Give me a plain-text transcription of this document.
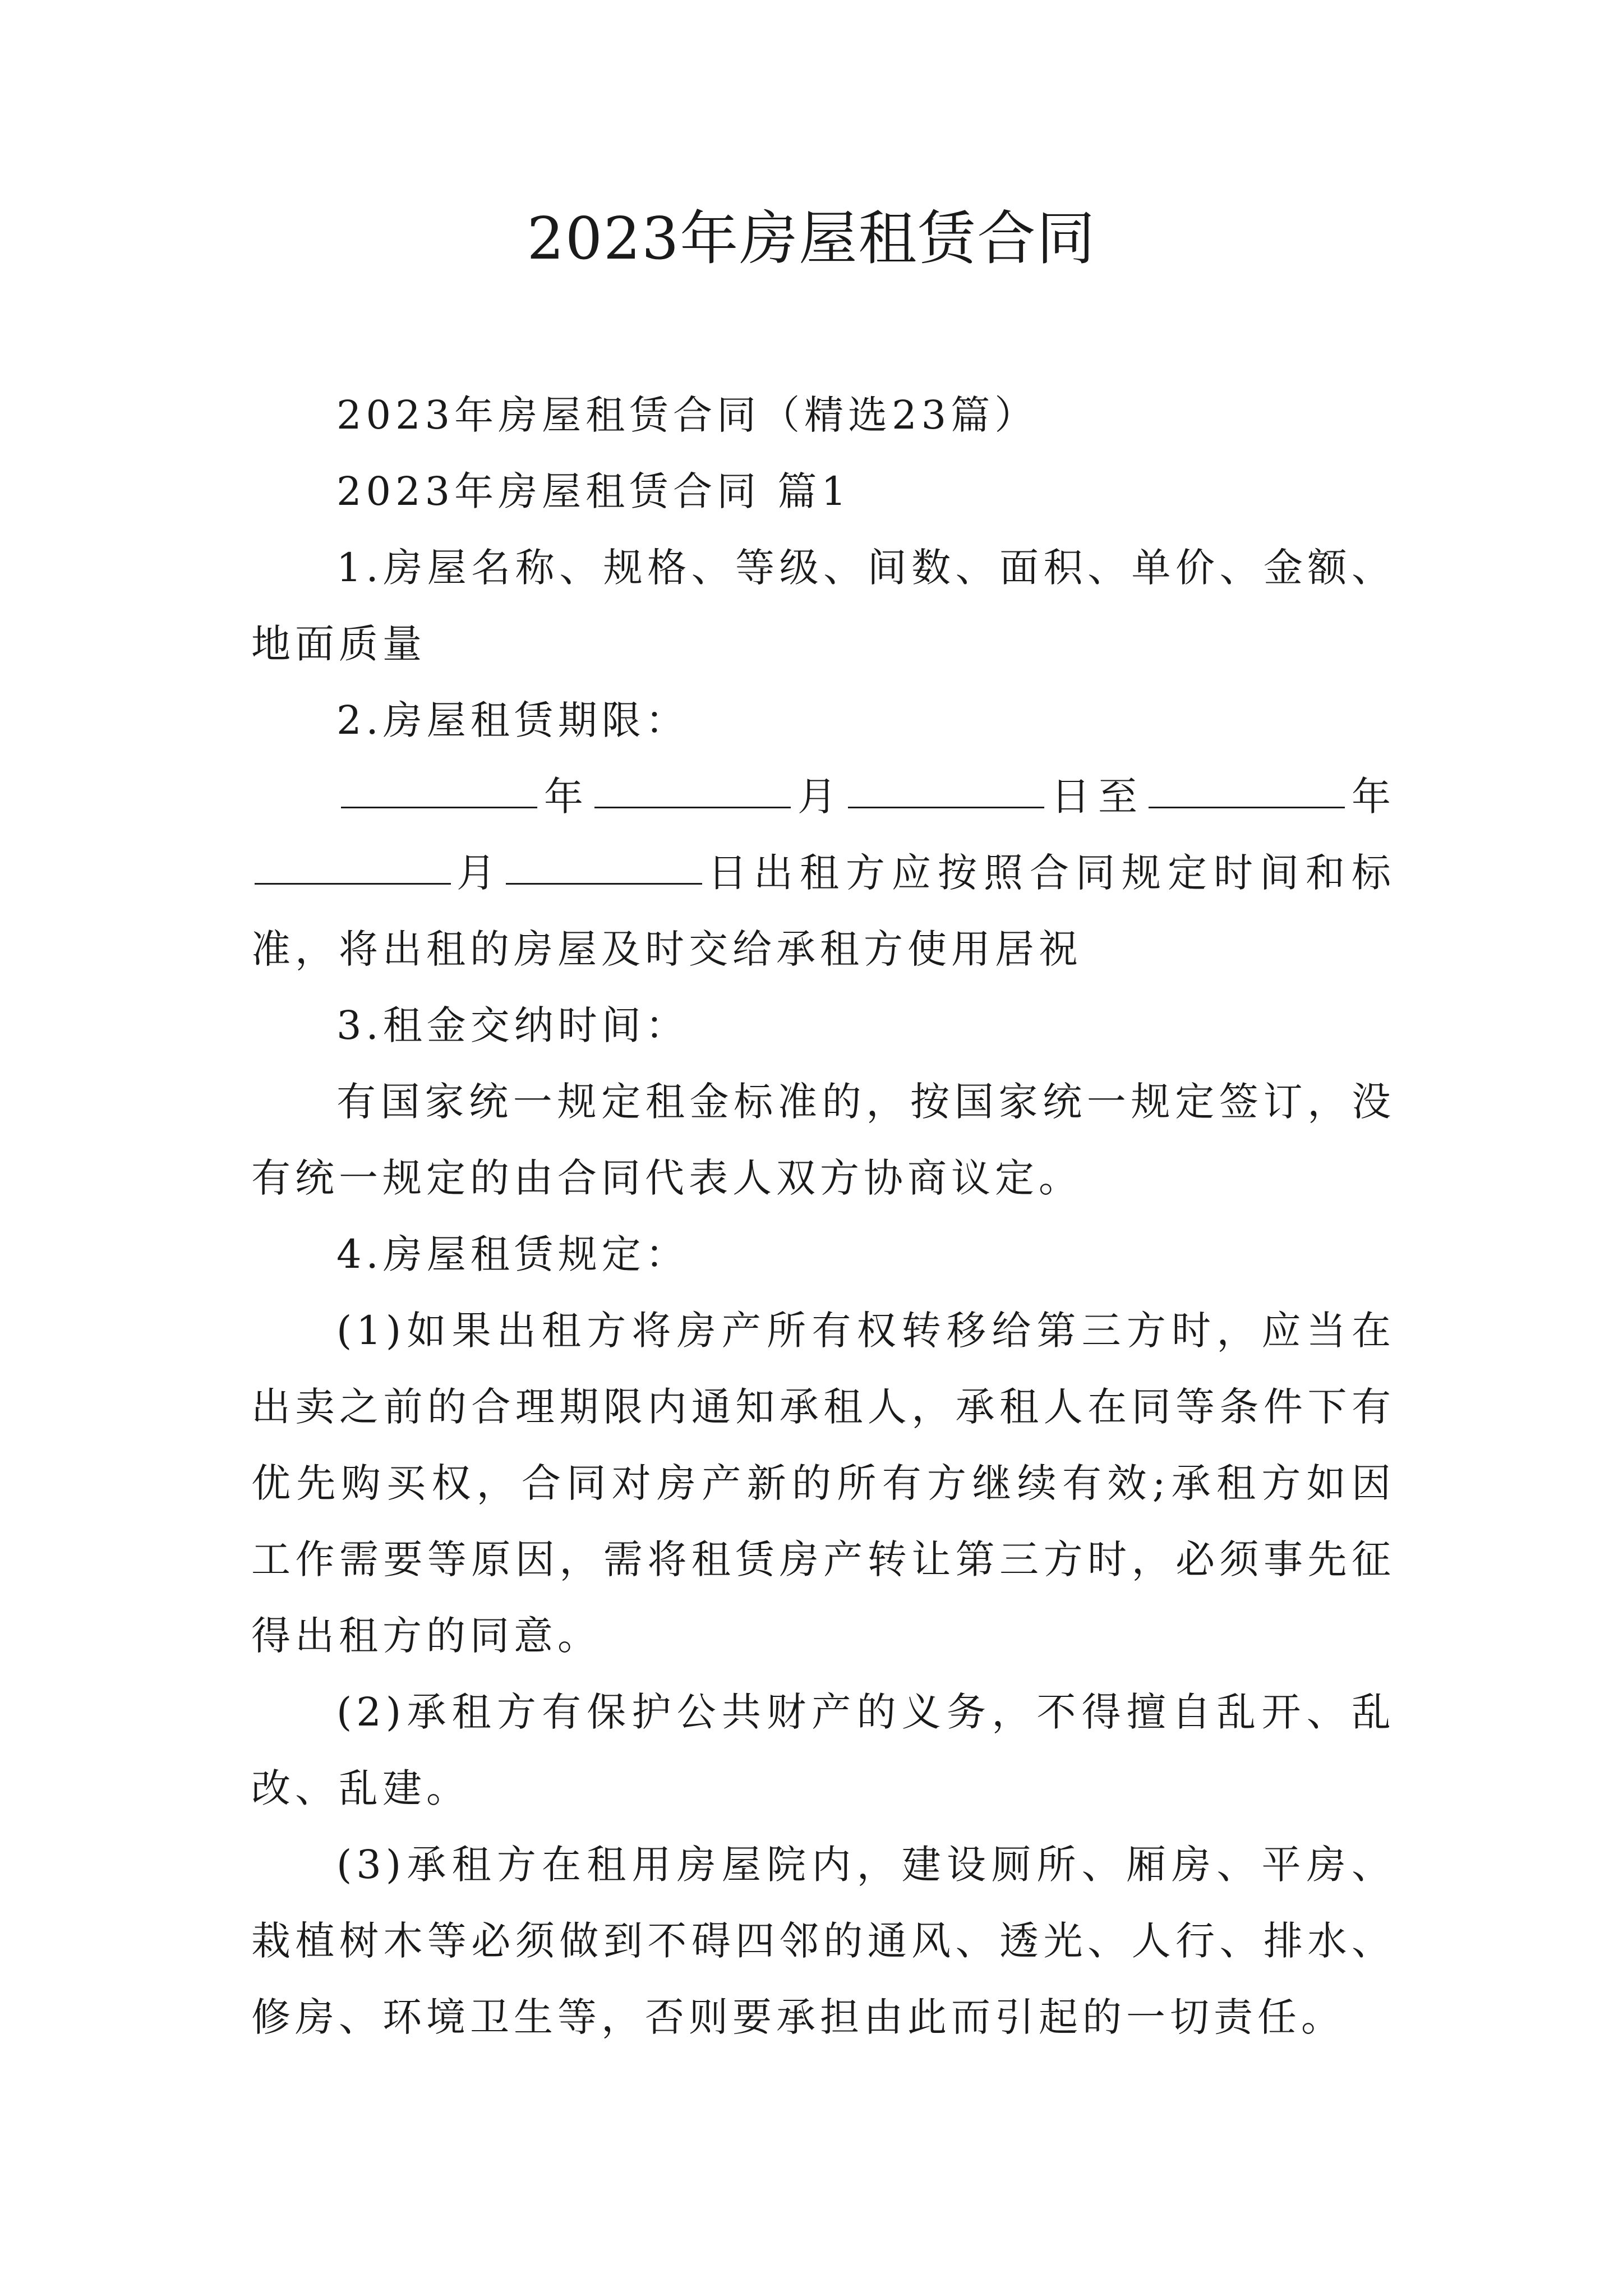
2023年房屋租赁合同

2023年房屋租赁合同（精选23篇）

2023年房屋租赁合同 篇1

1.房屋名称、规格、等级、间数、面积、单价、金额、地面质量

2.房屋租赁期限：

年	月	日至	年月	日出租方应按照合同规定时间和标准，将出租的房屋及时交给承租方使用居祝

3.租金交纳时间：

有国家统一规定租金标准的，按国家统一规定签订，没有统一规定的由合同代表人双方协商议定。

4.房屋租赁规定：

(1)如果出租方将房产所有权转移给第三方时，应当在出卖之前的合理期限内通知承租人，承租人在同等条件下有优先购买权，合同对房产新的所有方继续有效;承租方如因工作需要等原因，需将租赁房产转让第三方时，必须事先征得出租方的同意。

(2)承租方有保护公共财产的义务，不得擅自乱开、乱改、乱建。

(3)承租方在租用房屋院内，建设厕所、厢房、平房、栽植树木等必须做到不碍四邻的通风、透光、人行、排水、修房、环境卫生等，否则要承担由此而引起的一切责任。
